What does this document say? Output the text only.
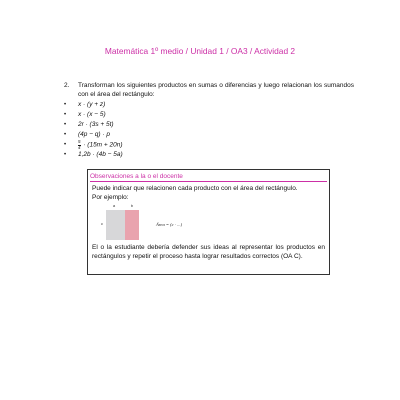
Matemática 1º medio / Unidad 1 / OA3 / Actividad 2
2. Transforman los siguientes productos en sumas o diferencias y luego relacionan los sumandos con el área del rectángulo:
• x · (y + z)
• x · (x − 5)
• 2r · (3s + 5t)
• (4p − q) · p
•	$\frac{5}{4} \cdot (15m + 20n)$
• 1,2b · (4b − 5a)
Observaciones a la o el docente
Puede indicar que relacionen cada producto con el área del rectángulo.
Por ejemplo:
a	b
c	Área = (c · ...)
El o la estudiante debería defender sus ideas al representar los productos en rectángulos y repetir el proceso hasta lograr resultados correctos (OA C).
